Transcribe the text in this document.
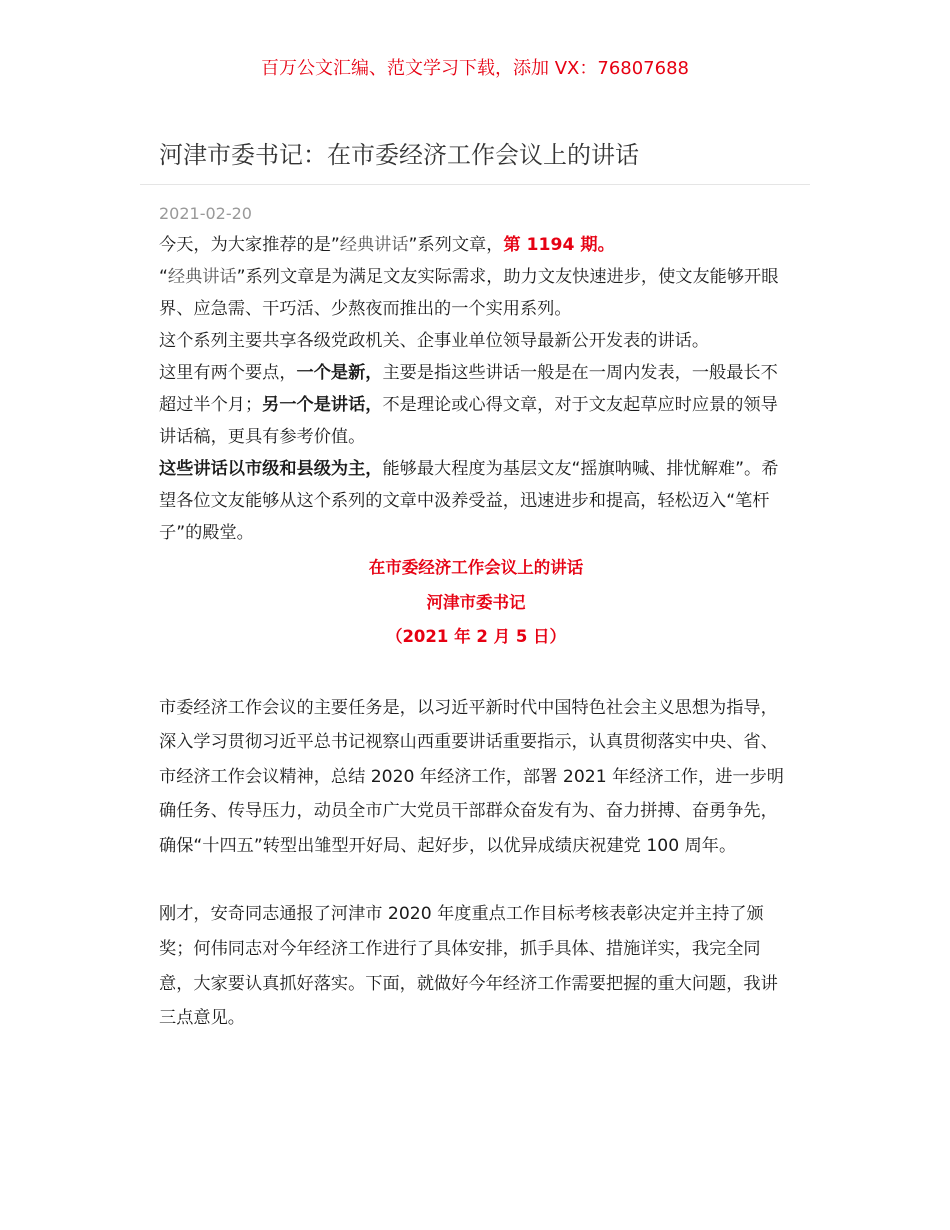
百万公文汇编、范文学习下载，添加 VX：76807688
河津市委书记：在市委经济工作会议上的讲话
2021-02-20

今天，为大家推荐的是”经典讲话”系列文章，第 1194 期。

“经典讲话”系列文章是为满足文友实际需求，助力文友快速进步，使文友能够开眼界、应急需、干巧活、少熬夜而推出的一个实用系列。

这个系列主要共享各级党政机关、企事业单位领导最新公开发表的讲话。

这里有两个要点，一个是新，主要是指这些讲话一般是在一周内发表，一般最长不超过半个月；另一个是讲话，不是理论或心得文章，对于文友起草应时应景的领导讲话稿，更具有参考价值。

这些讲话以市级和县级为主，能够最大程度为基层文友“摇旗呐喊、排忧解难”。希望各位文友能够从这个系列的文章中汲养受益，迅速进步和提高，轻松迈入“笔杆子”的殿堂。

在市委经济工作会议上的讲话

河津市委书记

（2021 年 2 月 5 日）

市委经济工作会议的主要任务是，以习近平新时代中国特色社会主义思想为指导，深入学习贯彻习近平总书记视察山西重要讲话重要指示，认真贯彻落实中央、省、市经济工作会议精神，总结 2020 年经济工作，部署 2021 年经济工作，进一步明确任务、传导压力，动员全市广大党员干部群众奋发有为、奋力拼搏、奋勇争先，确保“十四五”转型出雏型开好局、起好步，以优异成绩庆祝建党 100 周年。

刚才，安奇同志通报了河津市 2020 年度重点工作目标考核表彰决定并主持了颁奖；何伟同志对今年经济工作进行了具体安排，抓手具体、措施详实，我完全同意，大家要认真抓好落实。下面，就做好今年经济工作需要把握的重大问题，我讲三点意见。
